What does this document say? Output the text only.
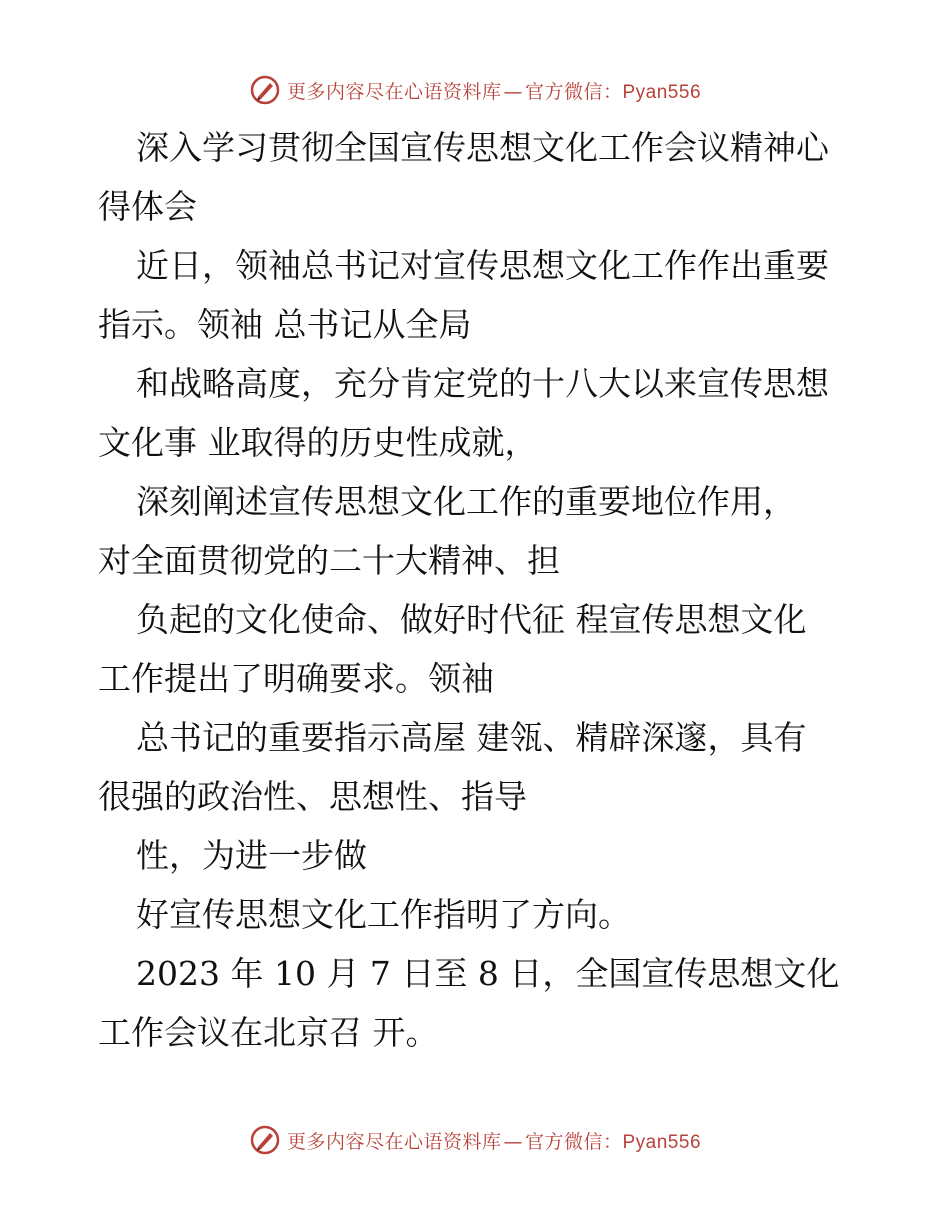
更多内容尽在心语资料库 — 官方微信：Pyan556

深入学习贯彻全国宣传思想文化工作会议精神心
得体会
近日，领袖总书记对宣传思想文化工作作出重要
指示。领袖 总书记从全局
和战略高度，充分肯定党的十八大以来宣传思想
文化事 业取得的历史性成就，
深刻阐述宣传思想文化工作的重要地位作用，
对全面贯彻党的二十大精神、担
负起的文化使命、做好时代征 程宣传思想文化
工作提出了明确要求。领袖
总书记的重要指示高屋 建瓴、精辟深邃，具有
很强的政治性、思想性、指导
性，为进一步做
好宣传思想文化工作指明了方向。
2023 年 10 月 7 日至 8 日，全国宣传思想文化
工作会议在北京召 开。

更多内容尽在心语资料库 — 官方微信：Pyan556
